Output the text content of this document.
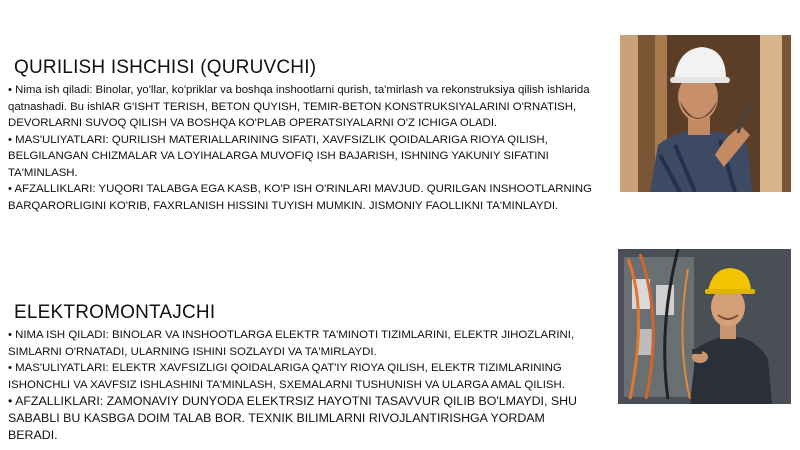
QURILISH ISHCHISI (QURUVCHI)

• Nima ish qiladi: Binolar, yo'llar, ko'priklar va boshqa inshootlarni qurish, ta'mirlash va rekonstruksiya qilish ishlarida

qatnashadi. Bu ishlAR G'ISHT TERISH, BETON QUYISH, TEMIR-BETON KONSTRUKSIYALARINI O'RNATISH,

DEVORLARNI SUVOQ QILISH VA BOSHQA KO'PLAB OPERATSIYALARNI O'Z ICHIGA OLADI.

• MAS'ULIYATLARI: QURILISH MATERIALLARINING SIFATI, XAVFSIZLIK QOIDALARIGA RIOYA QILISH,

BELGILANGAN CHIZMALAR VA LOYIHALARGA MUVOFIQ ISH BAJARISH, ISHNING YAKUNIY SIFATINI

TA'MINLASH.

• AFZALLIKLARI: YUQORI TALABGA EGA KASB, KO'P ISH O'RINLARI MAVJUD. QURILGAN INSHOOTLARNING

BARQARORLIGINI KO'RIB, FAXRLANISH HISSINI TUYISH MUMKIN. JISMONIY FAOLLIKNI TA'MINLAYDI.

ELEKTROMONTAJCHI

• NIMA ISH QILADI: BINOLAR VA INSHOOTLARGA ELEKTR TA'MINOTI TIZIMLARINI, ELEKTR JIHOZLARINI,

SIMLARNI O'RNATADI, ULARNING ISHINI SOZLAYDI VA TA'MIRLAYDI.

• MAS'ULIYATLARI: ELEKTR XAVFSIZLIGI QOIDALARIGA QAT'IY RIOYA QILISH, ELEKTR TIZIMLARINING

ISHONCHLI VA XAVFSIZ ISHLASHINI TA'MINLASH, SXEMALARNI TUSHUNISH VA ULARGA AMAL QILISH.

• AFZALLIKLARI: ZAMONAVIY DUNYODA ELEKTRSIZ HAYOTNI TASAVVUR QILIB BO'LMAYDI, SHU

SABABLI BU KASBGA DOIM TALAB BOR. TEXNIK BILIMLARNI RIVOJLANTIRISHGA YORDAM

BERADI.
